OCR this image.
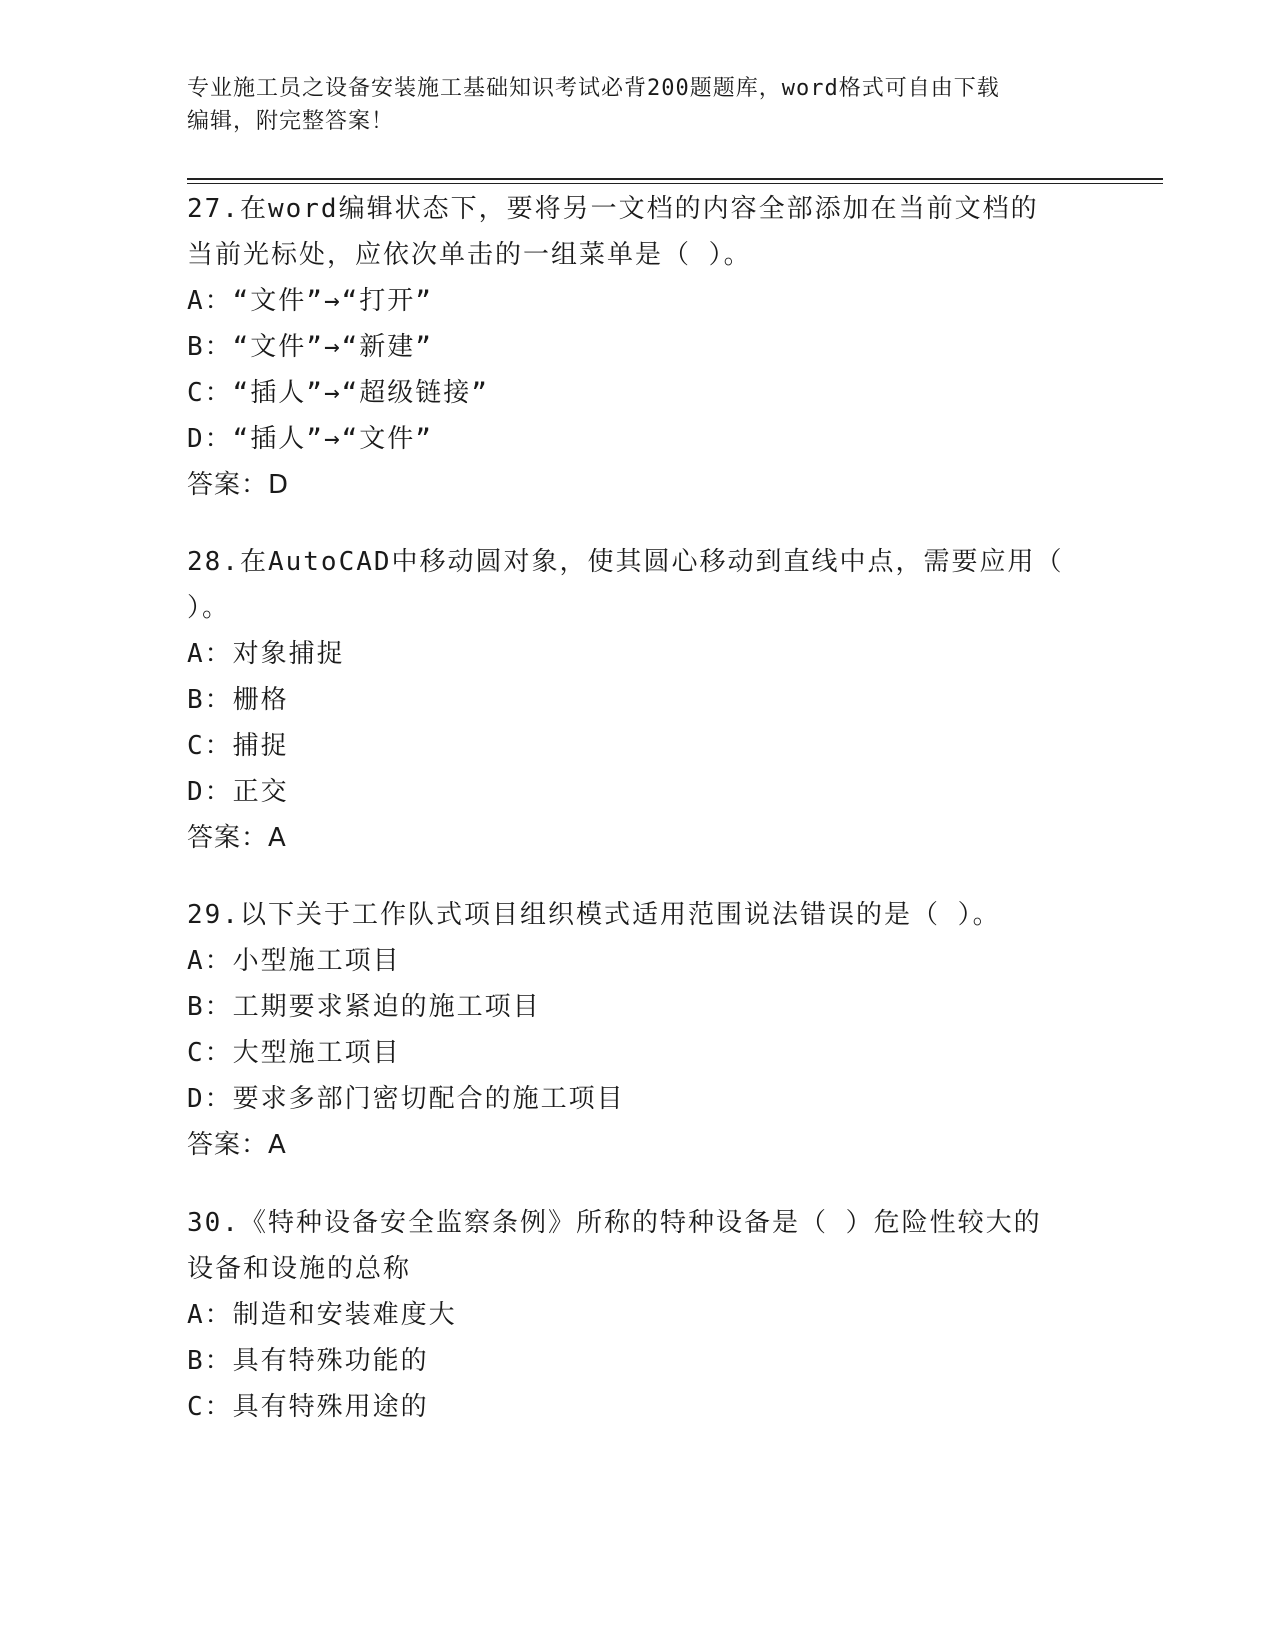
专业施工员之设备安装施工基础知识考试必背200题题库，word格式可自由下载
编辑，附完整答案！
27.在word编辑状态下，要将另一文档的内容全部添加在当前文档的
当前光标处，应依次单击的一组菜单是（ ）。
A：“文件”→“打开”
B：“文件”→“新建”
C：“插人”→“超级链接”
D：“插人”→“文件”
答案：D
28.在AutoCAD中移动圆对象，使其圆心移动到直线中点，需要应用（
）。
A：对象捕捉
B：栅格
C：捕捉
D：正交
答案：A
29.以下关于工作队式项目组织模式适用范围说法错误的是（ ）。
A：小型施工项目
B：工期要求紧迫的施工项目
C：大型施工项目
D：要求多部门密切配合的施工项目
答案：A
30.《特种设备安全监察条例》所称的特种设备是（ ）危险性较大的
设备和设施的总称
A：制造和安装难度大
B：具有特殊功能的
C：具有特殊用途的
